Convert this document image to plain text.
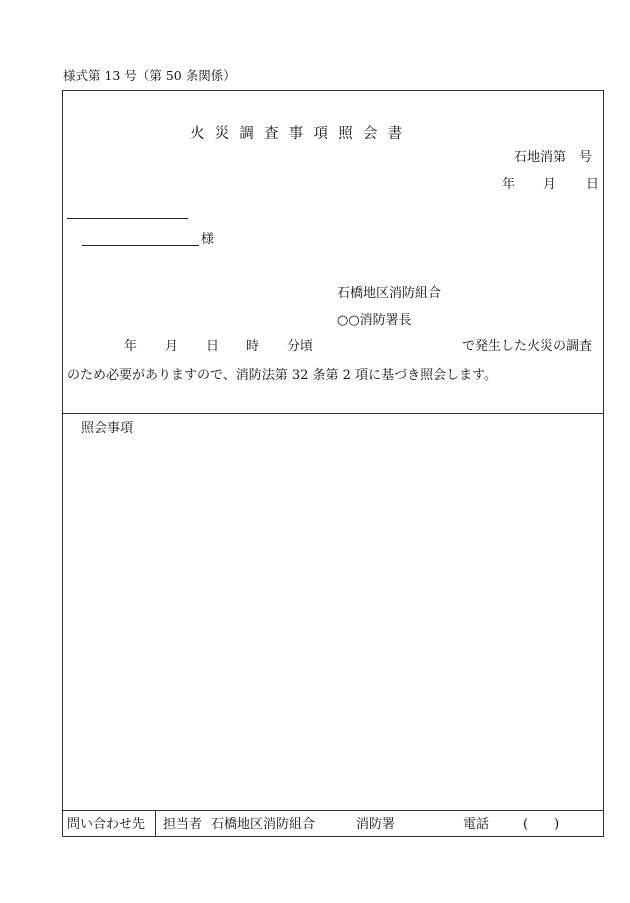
様式第 13 号（第 50 条関係）
火災調査事項照会書
石地消第　号
年 月 日
様
石橋地区消防組合
○○消防署長
年 月 日 時 分頃	で発生した火災の調査
のため必要がありますので、消防法第 32 条第 2 項に基づき照会します。
照会事項
問い合わせ先 担当者 石橋地区消防組合	消防署	電話	(　　)
